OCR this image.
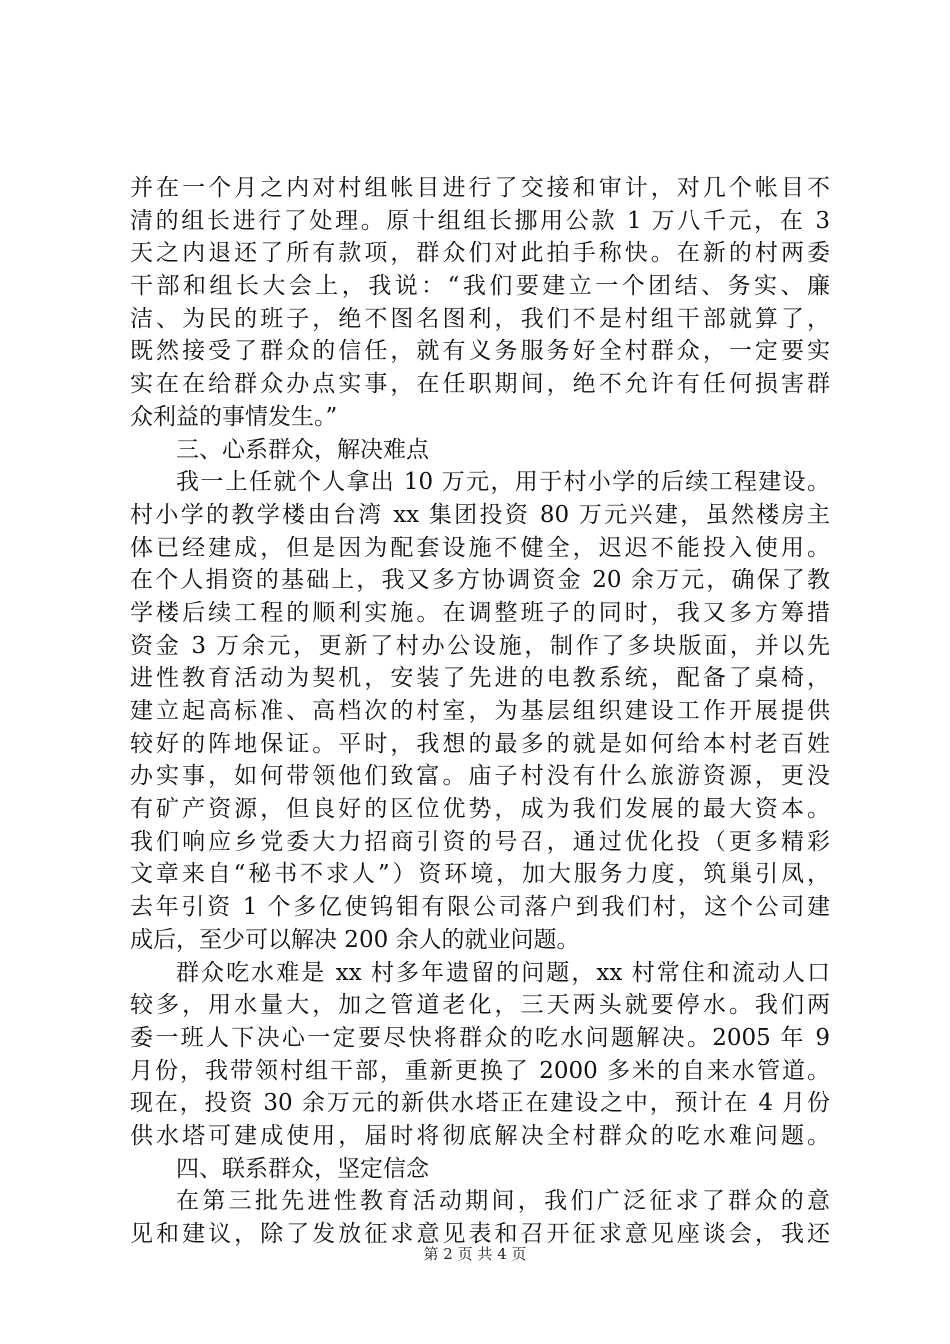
并在一个月之内对村组帐目进行了交接和审计，对几个帐目不
清的组长进行了处理。原十组组长挪用公款 1 万八千元，在 3
天之内退还了所有款项，群众们对此拍手称快。在新的村两委
干部和组长大会上，我说：“我们要建立一个团结、务实、廉
洁、为民的班子，绝不图名图利，我们不是村组干部就算了，
既然接受了群众的信任，就有义务服务好全村群众，一定要实
实在在给群众办点实事，在任职期间，绝不允许有任何损害群
众利益的事情发生。”
三、心系群众，解决难点
我一上任就个人拿出 10 万元，用于村小学的后续工程建设。
村小学的教学楼由台湾 xx 集团投资 80 万元兴建，虽然楼房主
体已经建成，但是因为配套设施不健全，迟迟不能投入使用。
在个人捐资的基础上，我又多方协调资金 20 余万元，确保了教
学楼后续工程的顺利实施。在调整班子的同时，我又多方筹措
资金 3 万余元，更新了村办公设施，制作了多块版面，并以先
进性教育活动为契机，安装了先进的电教系统，配备了桌椅，
建立起高标准、高档次的村室，为基层组织建设工作开展提供
较好的阵地保证。平时，我想的最多的就是如何给本村老百姓
办实事，如何带领他们致富。庙子村没有什么旅游资源，更没
有矿产资源，但良好的区位优势，成为我们发展的最大资本。
我们响应乡党委大力招商引资的号召，通过优化投（更多精彩
文章来自“秘书不求人”）资环境，加大服务力度，筑巢引凤，
去年引资 1 个多亿使钨钼有限公司落户到我们村，这个公司建
成后，至少可以解决 200 余人的就业问题。
群众吃水难是 xx 村多年遗留的问题，xx 村常住和流动人口
较多，用水量大，加之管道老化，三天两头就要停水。我们两
委一班人下决心一定要尽快将群众的吃水问题解决。2005 年 9
月份，我带领村组干部，重新更换了 2000 多米的自来水管道。
现在，投资 30 余万元的新供水塔正在建设之中，预计在 4 月份
供水塔可建成使用，届时将彻底解决全村群众的吃水难问题。
四、联系群众，坚定信念
在第三批先进性教育活动期间，我们广泛征求了群众的意
见和建议，除了发放征求意见表和召开征求意见座谈会，我还
第 2 页 共 4 页
